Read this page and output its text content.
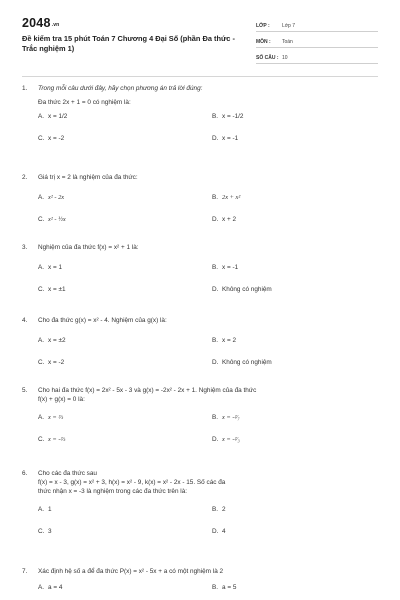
2048.vn
Đề kiểm tra 15 phút Toán 7 Chương 4 Đại Số (phần Đa thức - Trắc nghiệm 1)
LỚP :	Lớp 7
MÔN :	Toán
SỐ CÂU : 10
1. Trong mỗi câu dưới đây, hãy chọn phương án trả lời đúng:
Đa thức 2x + 1 = 0 có nghiệm là:
A. x = 1/2	B. x = -1/2
C. x = -2	D. x = -1
2. Giá trị x = 2 là nghiệm của đa thức:
A. x² - 2x	B. 2x + x²
C. x² - ½x	D. x + 2
3. Nghiệm của đa thức f(x) = x² + 1 là:
A. x = 1	B. x = -1
C. x = ±1	D. Không có nghiệm
4. Cho đa thức g(x) = x² - 4. Nghiệm của g(x) là:
A. x = ±2	B. x = 2
C. x = -2	D. Không có nghiệm
5. Cho hai đa thức f(x) = 2x² - 5x - 3 và g(x) = -2x² - 2x + 1. Nghiệm của đa thức
f(x) + g(x) = 0 là:
A. x = ⅔	B. x = -²⁄₇
C. x = -⅔	D. x = -²⁄₃
6. Cho các đa thức sau
f(x) = x - 3, g(x) = x² + 3, h(x) = x² - 9, k(x) = x² - 2x - 15. Số các đa
thức nhận x = -3 là nghiệm trong các đa thức trên là:
A. 1	B. 2
C. 3	D. 4
7. Xác định hệ số a để đa thức P(x) = x² - 5x + a có một nghiệm là 2
A. a = 4	B. a = 5
